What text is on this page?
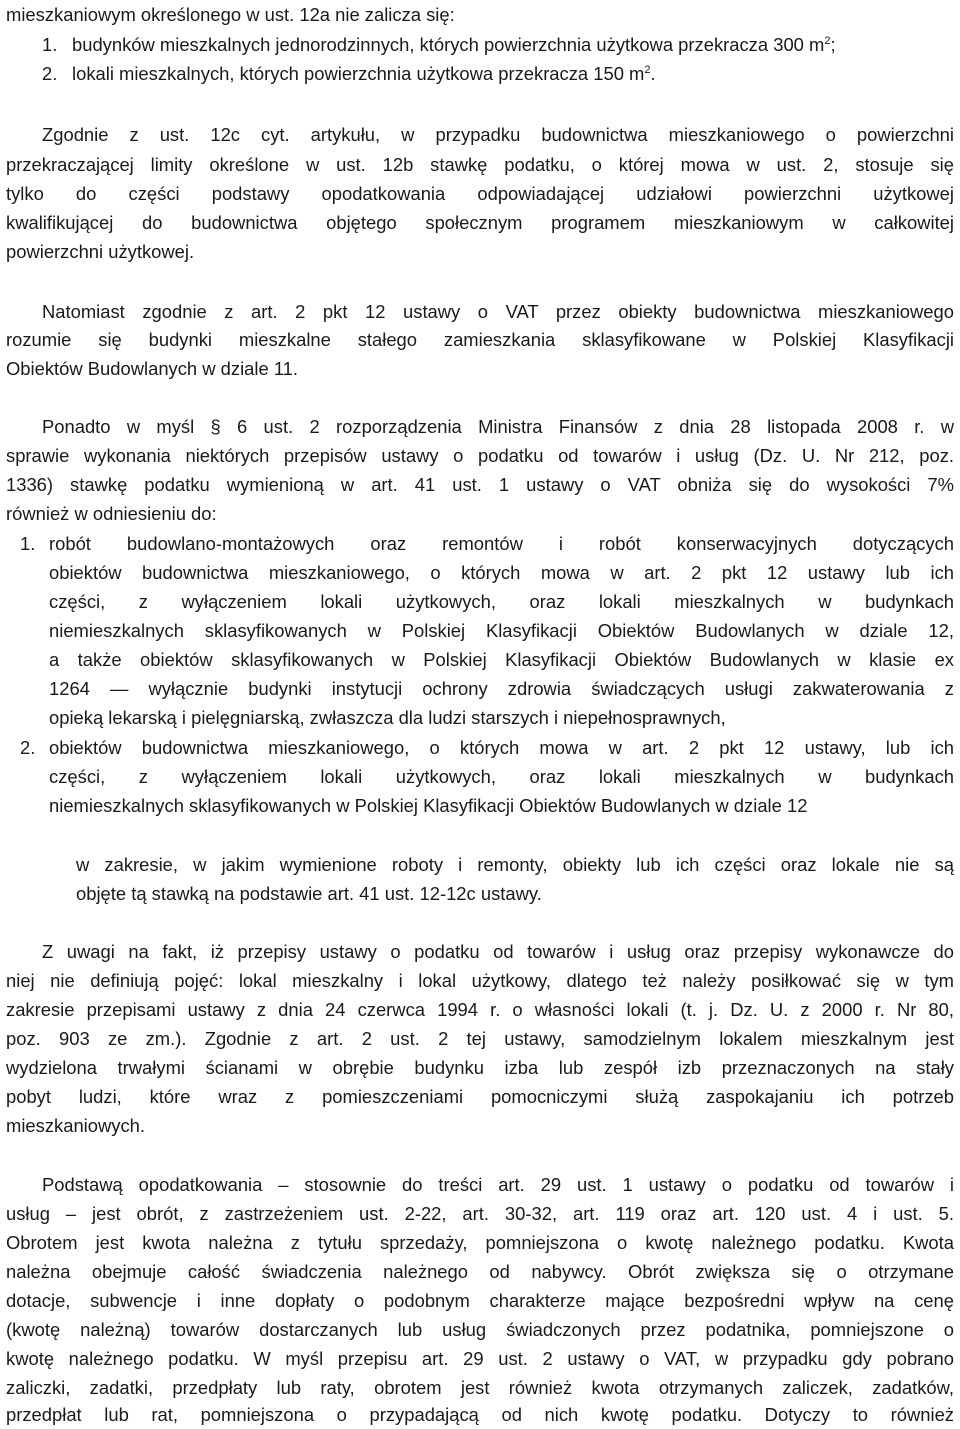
mieszkaniowym określonego w ust. 12a nie zalicza się:
1. budynków mieszkalnych jednorodzinnych, których powierzchnia użytkowa przekracza 300 $m^2$;
2. lokali mieszkalnych, których powierzchnia użytkowa przekracza 150 $m^2$.
Zgodnie z ust. 12c cyt. artykułu, w przypadku budownictwa mieszkaniowego o powierzchni
przekraczającej limity określone w ust. 12b stawkę podatku, o której mowa w ust. 2, stosuje się
tylko do części podstawy opodatkowania odpowiadającej udziałowi powierzchni użytkowej
kwalifikującej do budownictwa objętego społecznym programem mieszkaniowym w całkowitej
powierzchni użytkowej.
Natomiast zgodnie z art. 2 pkt 12 ustawy o VAT przez obiekty budownictwa mieszkaniowego
rozumie się budynki mieszkalne stałego zamieszkania sklasyfikowane w Polskiej Klasyfikacji
Obiektów Budowlanych w dziale 11.
Ponadto w myśl § 6 ust. 2 rozporządzenia Ministra Finansów z dnia 28 listopada 2008 r. w
sprawie wykonania niektórych przepisów ustawy o podatku od towarów i usług (Dz. U. Nr 212, poz.
1336) stawkę podatku wymienioną w art. 41 ust. 1 ustawy o VAT obniża się do wysokości 7%
również w odniesieniu do:
1. robót budowlano-montażowych oraz remontów i robót konserwacyjnych dotyczących
obiektów budownictwa mieszkaniowego, o których mowa w art. 2 pkt 12 ustawy lub ich
części, z wyłączeniem lokali użytkowych, oraz lokali mieszkalnych w budynkach
niemieszkalnych sklasyfikowanych w Polskiej Klasyfikacji Obiektów Budowlanych w dziale 12,
a także obiektów sklasyfikowanych w Polskiej Klasyfikacji Obiektów Budowlanych w klasie ex
1264 — wyłącznie budynki instytucji ochrony zdrowia świadczących usługi zakwaterowania z
opieką lekarską i pielęgniarską, zwłaszcza dla ludzi starszych i niepełnosprawnych,
2. obiektów budownictwa mieszkaniowego, o których mowa w art. 2 pkt 12 ustawy, lub ich
części, z wyłączeniem lokali użytkowych, oraz lokali mieszkalnych w budynkach
niemieszkalnych sklasyfikowanych w Polskiej Klasyfikacji Obiektów Budowlanych w dziale 12
w zakresie, w jakim wymienione roboty i remonty, obiekty lub ich części oraz lokale nie są
objęte tą stawką na podstawie art. 41 ust. 12-12c ustawy.
Z uwagi na fakt, iż przepisy ustawy o podatku od towarów i usług oraz przepisy wykonawcze do
niej nie definiują pojęć: lokal mieszkalny i lokal użytkowy, dlatego też należy posiłkować się w tym
zakresie przepisami ustawy z dnia 24 czerwca 1994 r. o własności lokali (t. j. Dz. U. z 2000 r. Nr 80,
poz. 903 ze zm.). Zgodnie z art. 2 ust. 2 tej ustawy, samodzielnym lokalem mieszkalnym jest
wydzielona trwałymi ścianami w obrębie budynku izba lub zespół izb przeznaczonych na stały
pobyt ludzi, które wraz z pomieszczeniami pomocniczymi służą zaspokajaniu ich potrzeb
mieszkaniowych.
Podstawą opodatkowania – stosownie do treści art. 29 ust. 1 ustawy o podatku od towarów i
usług – jest obrót, z zastrzeżeniem ust. 2-22, art. 30-32, art. 119 oraz art. 120 ust. 4 i ust. 5.
Obrotem jest kwota należna z tytułu sprzedaży, pomniejszona o kwotę należnego podatku. Kwota
należna obejmuje całość świadczenia należnego od nabywcy. Obrót zwiększa się o otrzymane
dotacje, subwencje i inne dopłaty o podobnym charakterze mające bezpośredni wpływ na cenę
(kwotę należną) towarów dostarczanych lub usług świadczonych przez podatnika, pomniejszone o
kwotę należnego podatku. W myśl przepisu art. 29 ust. 2 ustawy o VAT, w przypadku gdy pobrano
zaliczki, zadatki, przedpłaty lub raty, obrotem jest również kwota otrzymanych zaliczek, zadatków,
przedpłat lub rat, pomniejszona o przypadającą od nich kwotę podatku. Dotyczy to również
